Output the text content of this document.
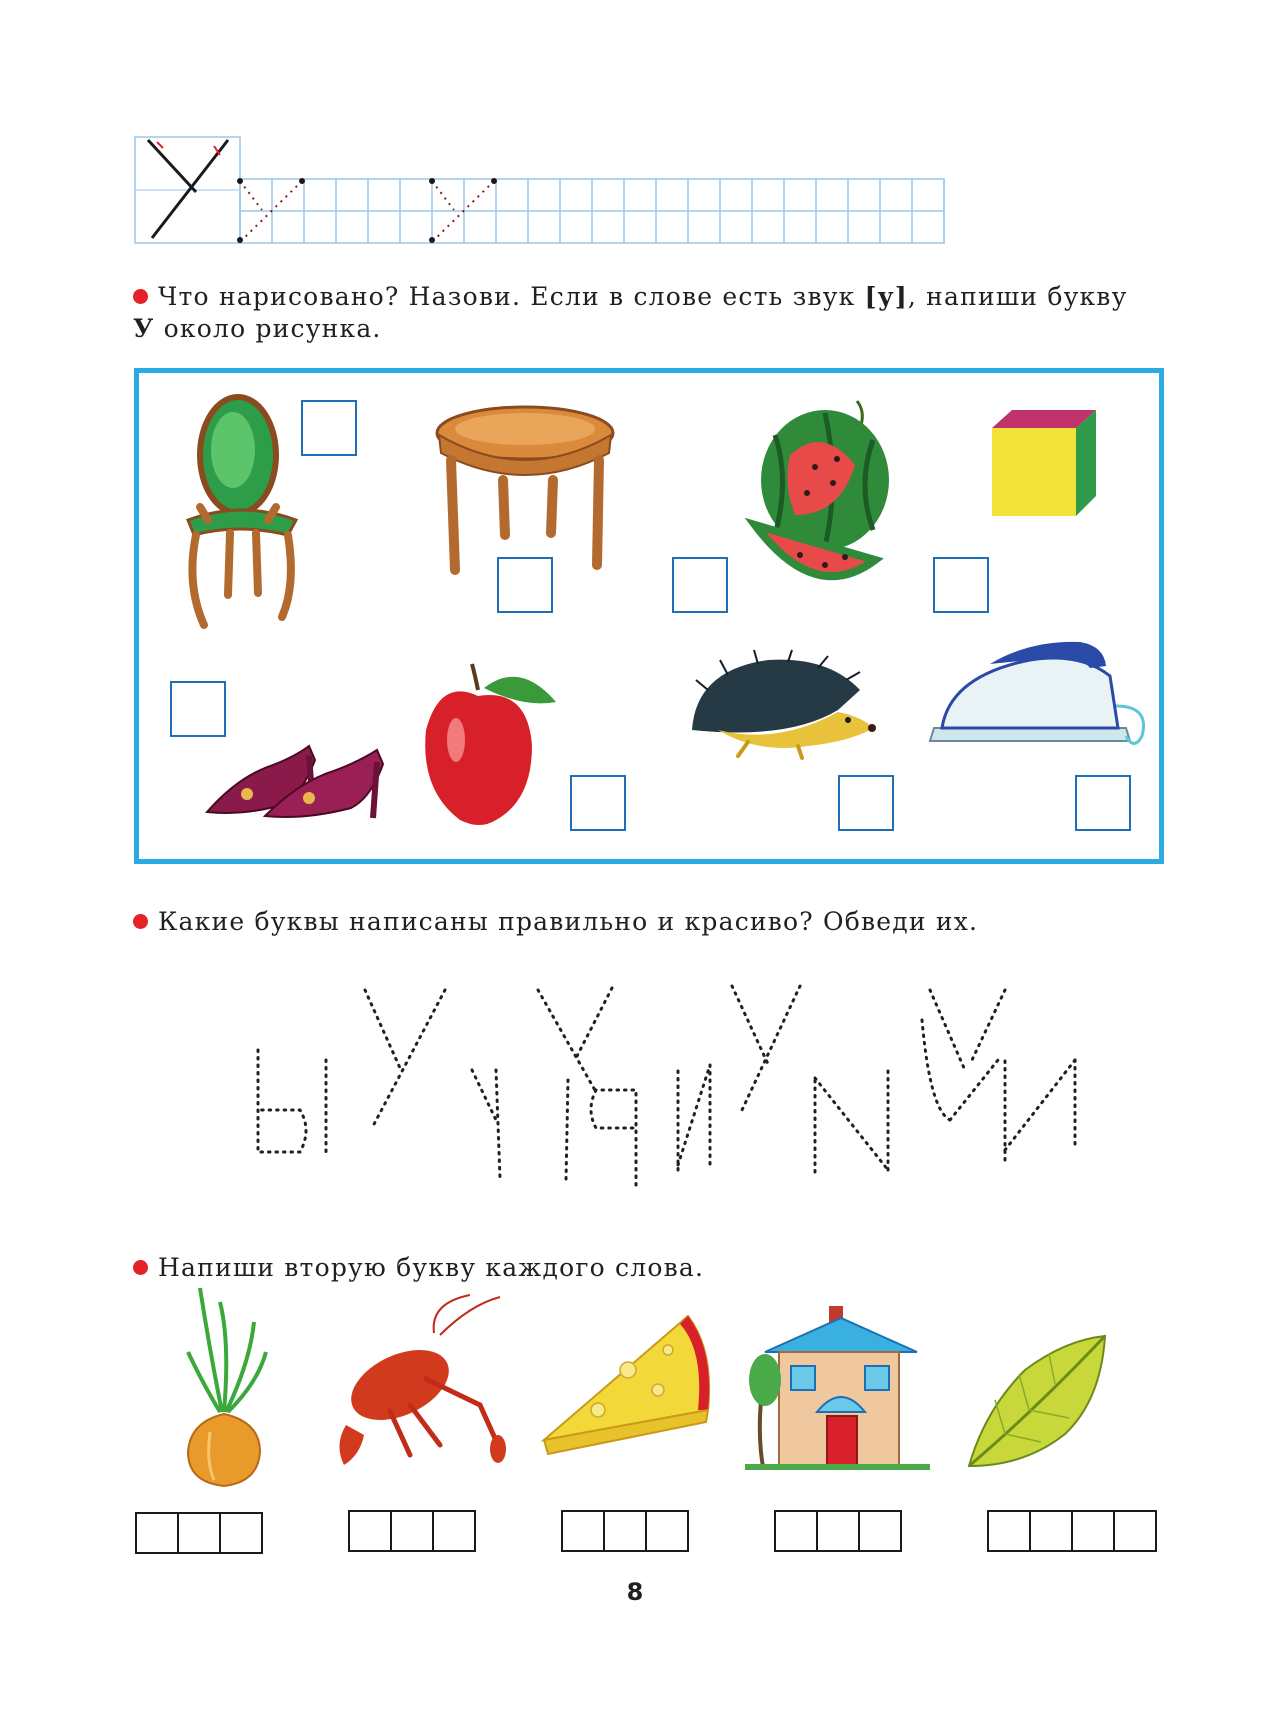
Что нарисовано? Назови. Если в слове есть звук [у], напиши букву
У около рисунка.
Какие буквы написаны правильно и красиво? Обведи их.
Напиши вторую букву каждого слова.
8
